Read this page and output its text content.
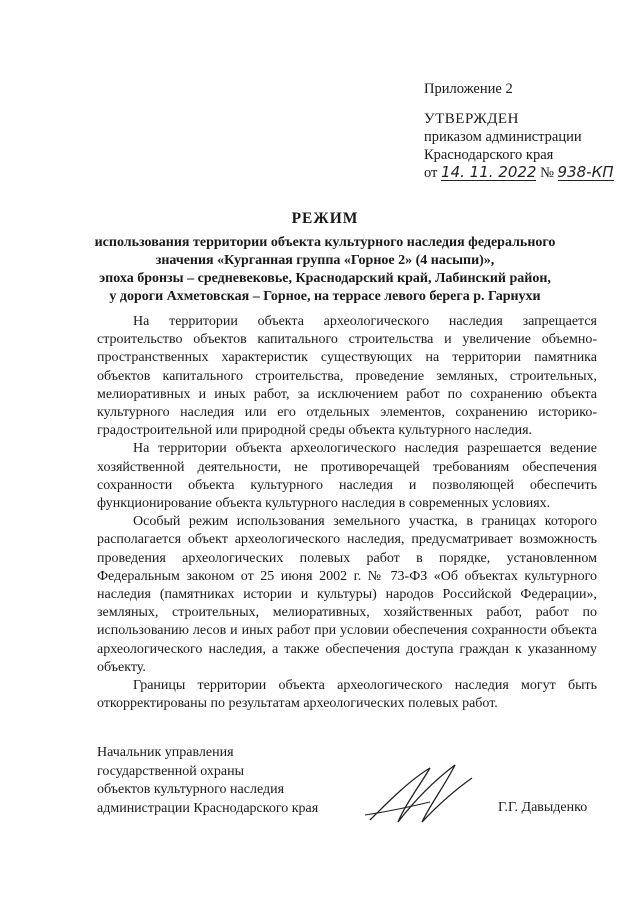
Приложение 2
УТВЕРЖДЕН
приказом администрации
Краснодарского края
от 14. 11. 2022 № 938-КП
РЕЖИМ
использования территории объекта культурного наследия федерального
значения «Курганная группа «Горное 2» (4 насыпи)»,
эпоха бронзы – средневековье, Краснодарский край, Лабинский район,
у дороги Ахметовская – Горное, на террасе левого берега р. Гарнухи

На территории объекта археологического наследия запрещается строительство объектов капитального строительства и увеличение объемно-пространственных характеристик существующих на территории памятника объектов капитального строительства, проведение земляных, строительных, мелиоративных и иных работ, за исключением работ по сохранению объекта культурного наследия или его отдельных элементов, сохранению историко-градостроительной или природной среды объекта культурного наследия.

На территории объекта археологического наследия разрешается ведение хозяйственной деятельности, не противоречащей требованиям обеспечения сохранности объекта культурного наследия и позволяющей обеспечить функционирование объекта культурного наследия в современных условиях.

Особый режим использования земельного участка, в границах которого располагается объект археологического наследия, предусматривает возможность проведения археологических полевых работ в порядке, установленном Федеральным законом от 25 июня 2002 г. № 73-ФЗ «Об объектах культурного наследия (памятниках истории и культуры) народов Российской Федерации», земляных, строительных, мелиоративных, хозяйственных работ, работ по использованию лесов и иных работ при условии обеспечения сохранности объекта археологического наследия, а также обеспечения доступа граждан к указанному объекту.

Границы территории объекта археологического наследия могут быть откорректированы по результатам археологических полевых работ.

Начальник управления
государственной охраны
объектов культурного наследия
администрации Краснодарского края	Г.Г. Давыденко
